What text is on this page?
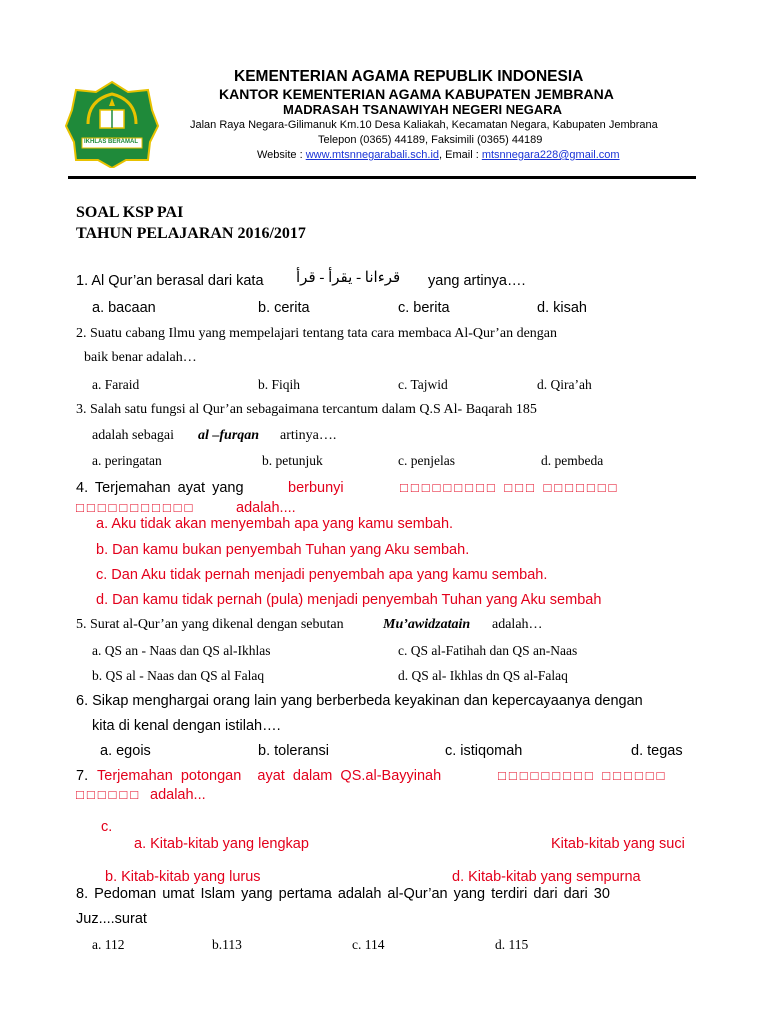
IKHLAS BERAMAL
KEMENTERIAN AGAMA REPUBLIK INDONESIA
KANTOR KEMENTERIAN AGAMA KABUPATEN JEMBRANA
MADRASAH TSANAWIYAH NEGERI NEGARA
Jalan Raya Negara-Gilimanuk Km.10 Desa Kaliakah, Kecamatan Negara, Kabupaten Jembrana
Telepon (0365) 44189, Faksimili (0365) 44189
Website : www.mtsnnegarabali.sch.id, Email : mtsnnegara228@gmail.com
SOAL KSP PAI
TAHUN PELAJARAN 2016/2017
1. Al Qur’an berasal dari kata قرءانا - يقرأ - قرأ yang artinya….
a. bacaan	b. cerita	c. berita	d. kisah
2. Suatu cabang Ilmu yang mempelajari tentang tata cara membaca Al-Qur’an dengan
baik benar adalah…
a. Faraid	b. Fiqih	c. Tajwid	d. Qira’ah
3. Salah satu fungsi al Qur’an sebagaimana tercantum dalam Q.S Al- Baqarah 185
adalah sebagai al –furqan artinya….
a. peringatan	b. petunjuk	c. penjelas	d. pembeda
4. Terjemahan ayat yang	berbunyi	□□□□□□□□□ □□□ □□□□□□□
□□□□□□□□□□□	adalah....
a. Aku tidak akan menyembah apa yang kamu sembah.
b. Dan kamu bukan penyembah Tuhan yang Aku sembah.
c. Dan Aku tidak pernah menjadi penyembah apa yang kamu sembah.
d. Dan kamu tidak pernah (pula) menjadi penyembah Tuhan yang Aku sembah
5. Surat al-Qur’an yang dikenal dengan sebutan	Mu’awidzatain adalah…
a. QS an - Naas dan QS al-Ikhlas	c. QS al-Fatihah dan QS an-Naas
b. QS al - Naas dan QS al Falaq	d. QS al- Ikhlas dn QS al-Falaq
6. Sikap menghargai orang lain yang berberbeda keyakinan dan kepercayaanya dengan
kita di kenal dengan istilah….
a. egois	b. toleransi	c. istiqomah	d. tegas
7. Terjemahan  potongan    ayat  dalam  QS.al-Bayyinah	□□□□□□□□□ □□□□□□
□□□□□□ adalah...
c.
a. Kitab-kitab yang lengkap	Kitab-kitab yang suci
b. Kitab-kitab yang lurus	d. Kitab-kitab yang sempurna
8. Pedoman umat Islam yang pertama adalah al-Qur’an yang terdiri dari dari 30
Juz....surat
a. 112	b.113	c. 114	d. 115
